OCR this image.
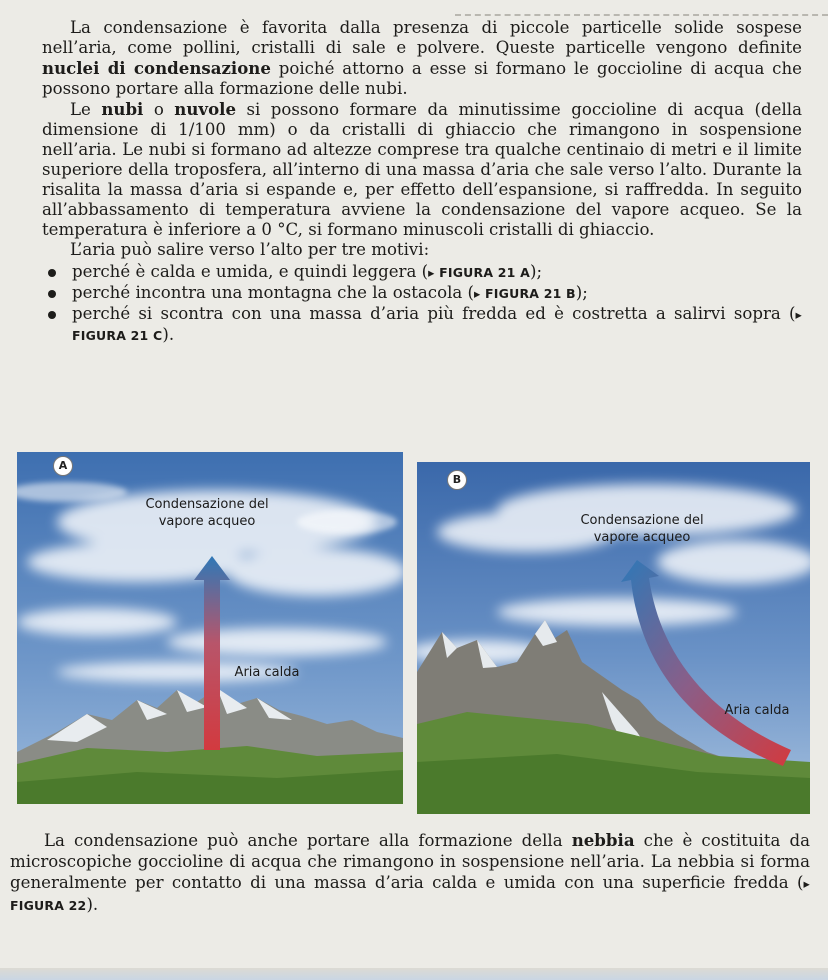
La condensazione è favorita dalla presenza di piccole particelle solide sospese nell’aria, come pollini, cristalli di sale e polvere. Queste particelle vengono definite nuclei di condensazione poiché attorno a esse si formano le goccioline di acqua che possono portare alla formazione delle nubi.

Le nubi o nuvole si possono formare da minutissime goccioline di acqua (della dimensione di 1/100 mm) o da cristalli di ghiaccio che rimangono in sospensione nell’aria. Le nubi si formano ad altezze comprese tra qualche centinaio di metri e il limite superiore della troposfera, all’interno di una massa d’aria che sale verso l’alto. Durante la risalita la massa d’aria si espande e, per effetto dell’espansione, si raffredda. In seguito all’abbassamento di temperatura avviene la condensazione del vapore acqueo. Se la temperatura è inferiore a 0 °C, si formano minuscoli cristalli di ghiaccio.

L’aria può salire verso l’alto per tre motivi:

perché è calda e umida, e quindi leggera (▸ FIGURA 21 A);
perché incontra una montagna che la ostacola (▸ FIGURA 21 B);
perché si scontra con una massa d’aria più fredda ed è costretta a salirvi sopra (▸ FIGURA 21 C).
A
Condensazione del vapore acqueo
Aria calda
B
Condensazione del vapore acqueo
Aria calda

La condensazione può anche portare alla formazione della nebbia che è costituita da microscopiche goccioline di acqua che rimangono in sospensione nell’aria. La nebbia si forma generalmente per contatto di una massa d’aria calda e umida con una superficie fredda (▸ FIGURA 22).
